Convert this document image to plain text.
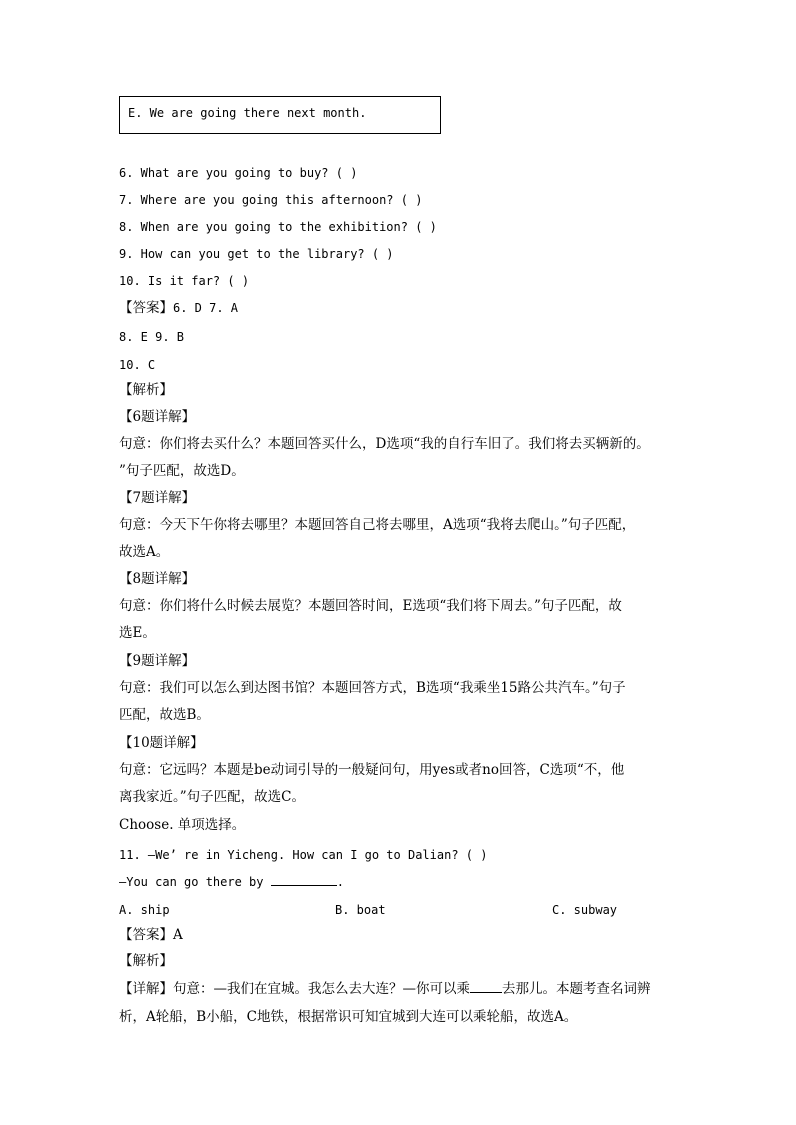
E. We are going there next month.
6. What are you going to buy? ( )
7. Where are you going this afternoon? ( )
8. When are you going to the exhibition? ( )
9. How can you get to the library? ( )
10. Is it far? ( )
【答案】6. D 7. A
8. E 9. B
10. C
【解析】
【6题详解】
句意：你们将去买什么？本题回答买什么，D选项“我的自行车旧了。我们将去买辆新的。
”句子匹配，故选D。
【7题详解】
句意：今天下午你将去哪里？本题回答自己将去哪里，A选项“我将去爬山。”句子匹配，
故选A。
【8题详解】
句意：你们将什么时候去展览？本题回答时间，E选项“我们将下周去。”句子匹配，故
选E。
【9题详解】
句意：我们可以怎么到达图书馆？本题回答方式，B选项“我乘坐15路公共汽车。”句子
匹配，故选B。
【10题详解】
句意：它远吗？本题是be动词引导的一般疑问句，用yes或者no回答，C选项“不，他
离我家近。”句子匹配，故选C。
Choose. 单项选择。
11. —We’ re in Yicheng. How can I go to Dalian? ( )
—You can go there by	.
A. ship	B. boat	C. subway
【答案】A
【解析】
【详解】句意：—我们在宜城。我怎么去大连？—你可以乘 去那儿。本题考查名词辨
析，A轮船，B小船，C地铁，根据常识可知宜城到大连可以乘轮船，故选A。
